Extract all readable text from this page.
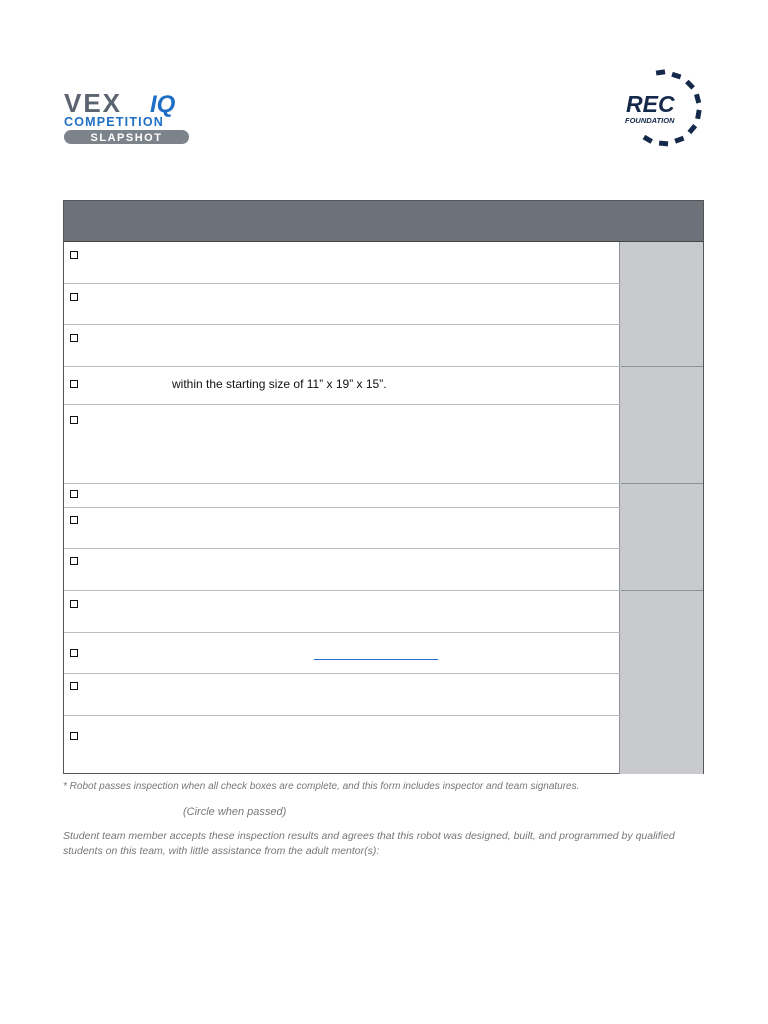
VEX IQ
COMPETITION
SLAPSHOT
REC
FOUNDATION
within the starting size of 11” x 19” x 15”.
* Robot passes inspection when all check boxes are complete, and this form includes inspector and team signatures.
(Circle when passed)
Student team member accepts these inspection results and agrees that this robot was designed, built, and programmed by qualified students on this team, with little assistance from the adult mentor(s):
